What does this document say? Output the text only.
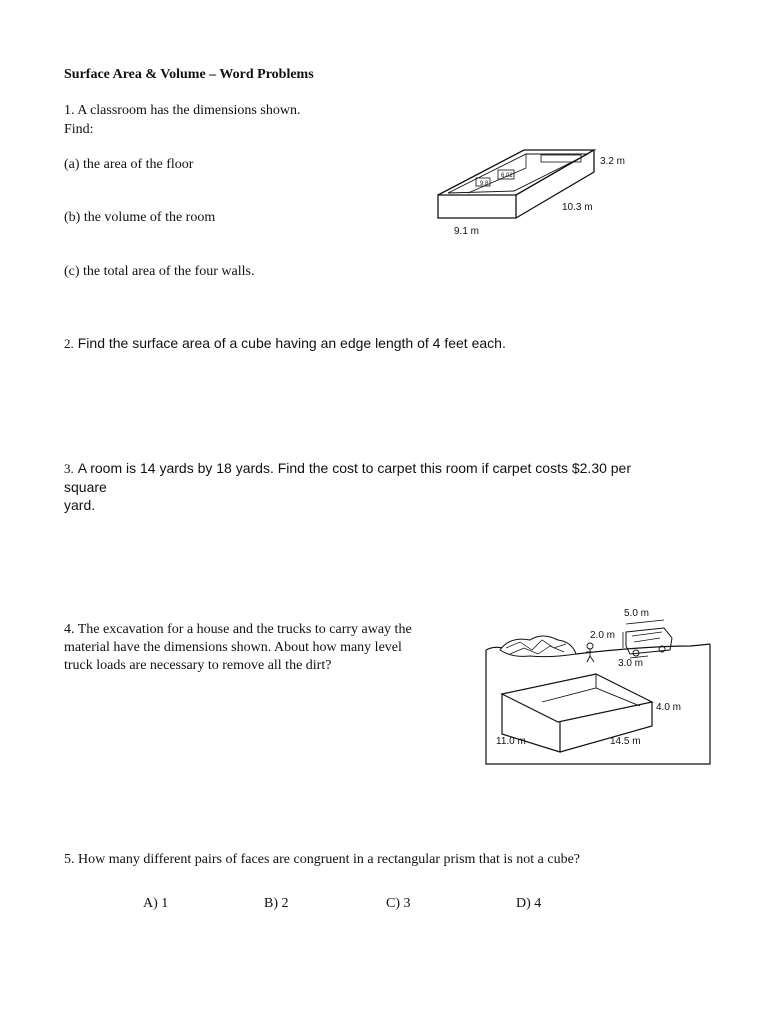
Surface Area & Volume – Word Problems
1. A classroom has the dimensions shown.
Find:
(a) the area of the floor
(b) the volume of the room
(c) the total area of the four walls.
9.8
6.02
3.2 m
10.3 m
9.1 m
2. Find the surface area of a cube having an edge length of 4 feet each.
3. A room is 14 yards by 18 yards. Find the cost to carpet this room if carpet costs $2.30 per
square
yard.
4. The excavation for a house and the trucks to carry away the
material have the dimensions shown. About how many level
truck loads are necessary to remove all the dirt?
5.0 m
2.0 m
3.0 m
4.0 m
11.0 m	14.5 m
5. How many different pairs of faces are congruent in a rectangular prism that is not a cube?
A) 1	B) 2	C) 3	D) 4
